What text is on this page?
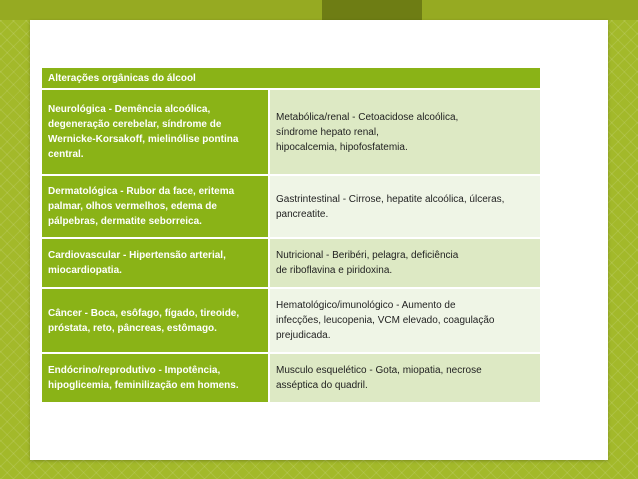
Alterações orgânicas do álcool	
Neurológica - Demência alcoólica,
degeneração cerebelar, síndrome de
Wernicke-Korsakoff, mielinólise pontina
central.	Metabólica/renal - Cetoacidose alcoólica,
síndrome hepato renal,
hipocalcemia, hipofosfatemia.
Dermatológica - Rubor da face, eritema
palmar, olhos vermelhos, edema de
pálpebras, dermatite seborreica.	Gastrintestinal - Cirrose, hepatite alcoólica, úlceras,
pancreatite.
Cardiovascular - Hipertensão arterial,
miocardiopatia.	Nutricional - Beribéri, pelagra, deficiência
de riboflavina e piridoxina.
Câncer - Boca, esôfago, fígado, tireoide,
próstata, reto, pâncreas, estômago.	Hematológico/imunológico - Aumento de
infecções, leucopenia, VCM elevado, coagulação
prejudicada.
Endócrino/reprodutivo - Impotência,
hipoglicemia, feminilização em homens.	Musculo esquelético - Gota, miopatia, necrose
asséptica do quadril.
